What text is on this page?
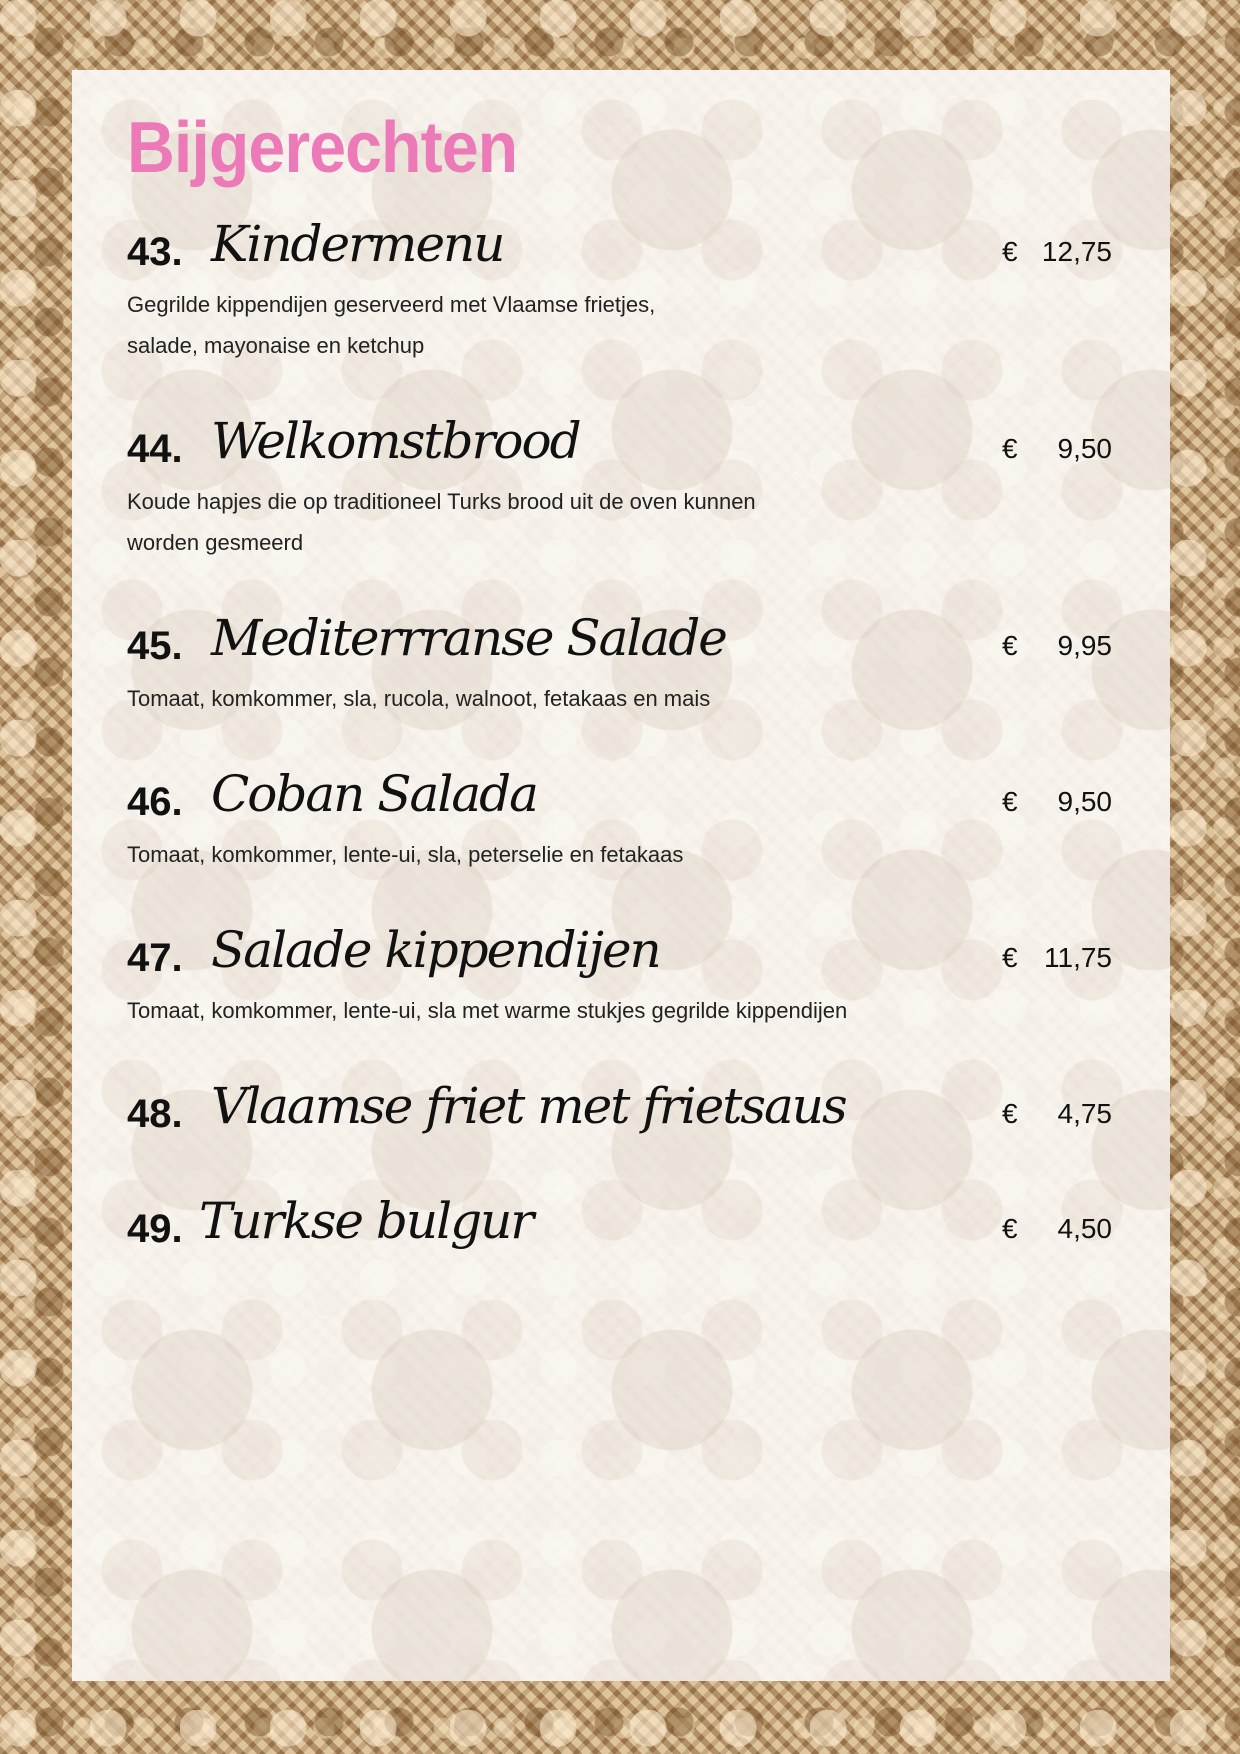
Bijgerechten
43. Kindermenu	€ 12,75

Gegrilde kippendijen geserveerd met Vlaamse frietjes,
salade, mayonaise en ketchup

44. Welkomstbrood	€ 9,50

Koude hapjes die op traditioneel Turks brood uit de oven kunnen
worden gesmeerd

45. Mediterrranse Salade	€ 9,95

Tomaat, komkommer, sla, rucola, walnoot, fetakaas en mais

46. Coban Salada	€ 9,50

Tomaat, komkommer, lente-ui, sla, peterselie en fetakaas

47. Salade kippendijen	€ 11,75

Tomaat, komkommer, lente-ui, sla met warme stukjes gegrilde kippendijen

48. Vlaamse friet met frietsaus	€ 4,75
49. Turkse bulgur	€ 4,50
